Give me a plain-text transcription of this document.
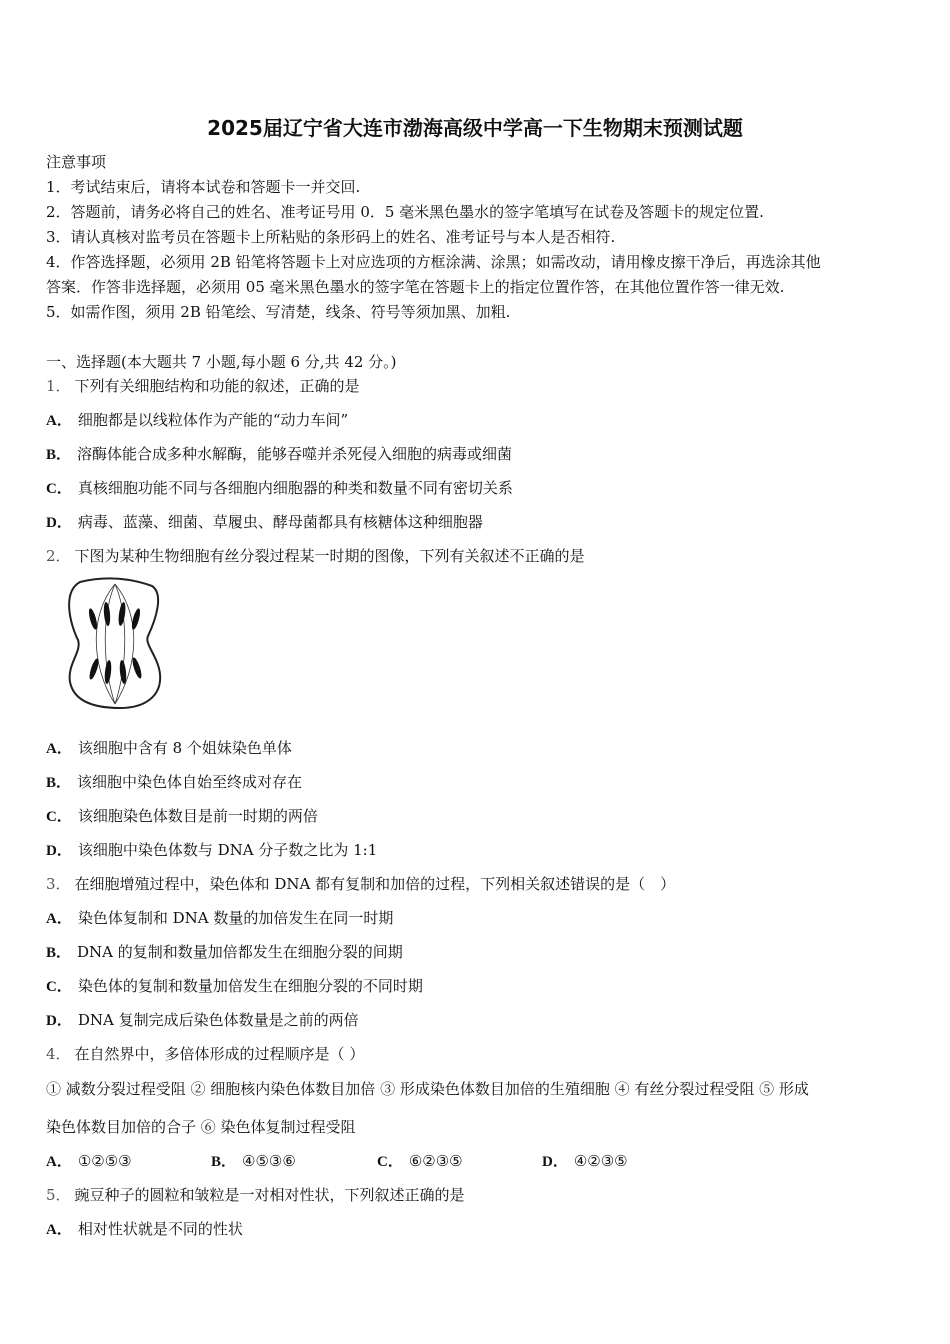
2025届辽宁省大连市渤海高级中学高一下生物期末预测试题
注意事项
1．考试结束后，请将本试卷和答题卡一并交回.
2．答题前，请务必将自己的姓名、准考证号用 0．5 毫米黑色墨水的签字笔填写在试卷及答题卡的规定位置.
3．请认真核对监考员在答题卡上所粘贴的条形码上的姓名、准考证号与本人是否相符.
4．作答选择题，必须用 2B 铅笔将答题卡上对应选项的方框涂满、涂黑；如需改动，请用橡皮擦干净后，再选涂其他
答案．作答非选择题，必须用 05 毫米黑色墨水的签字笔在答题卡上的指定位置作答，在其他位置作答一律无效.
5．如需作图，须用 2B 铅笔绘、写清楚，线条、符号等须加黑、加粗.
一、选择题(本大题共 7 小题,每小题 6 分,共 42 分。)
1． 下列有关细胞结构和功能的叙述，正确的是
A． 细胞都是以线粒体作为产能的“动力车间”
B． 溶酶体能合成多种水解酶，能够吞噬并杀死侵入细胞的病毒或细菌
C． 真核细胞功能不同与各细胞内细胞器的种类和数量不同有密切关系
D． 病毒、蓝藻、细菌、草履虫、酵母菌都具有核糖体这种细胞器
2． 下图为某种生物细胞有丝分裂过程某一时期的图像，下列有关叙述不正确的是
A． 该细胞中含有 8 个姐妹染色单体
B． 该细胞中染色体自始至终成对存在
C． 该细胞染色体数目是前一时期的两倍
D． 该细胞中染色体数与 DNA 分子数之比为 1:1
3． 在细胞增殖过程中，染色体和 DNA 都有复制和加倍的过程，下列相关叙述错误的是（　）
A． 染色体复制和 DNA 数量的加倍发生在同一时期
B． DNA 的复制和数量加倍都发生在细胞分裂的间期
C． 染色体的复制和数量加倍发生在细胞分裂的不同时期
D． DNA 复制完成后染色体数量是之前的两倍
4． 在自然界中，多倍体形成的过程顺序是（ ）
① 减数分裂过程受阻 ② 细胞核内染色体数目加倍 ③ 形成染色体数目加倍的生殖细胞 ④ 有丝分裂过程受阻 ⑤ 形成
染色体数目加倍的合子 ⑥ 染色体复制过程受阻
A． ①②⑤③	B． ④⑤③⑥	C． ⑥②③⑤	D． ④②③⑤
5． 豌豆种子的圆粒和皱粒是一对相对性状，下列叙述正确的是
A． 相对性状就是不同的性状
